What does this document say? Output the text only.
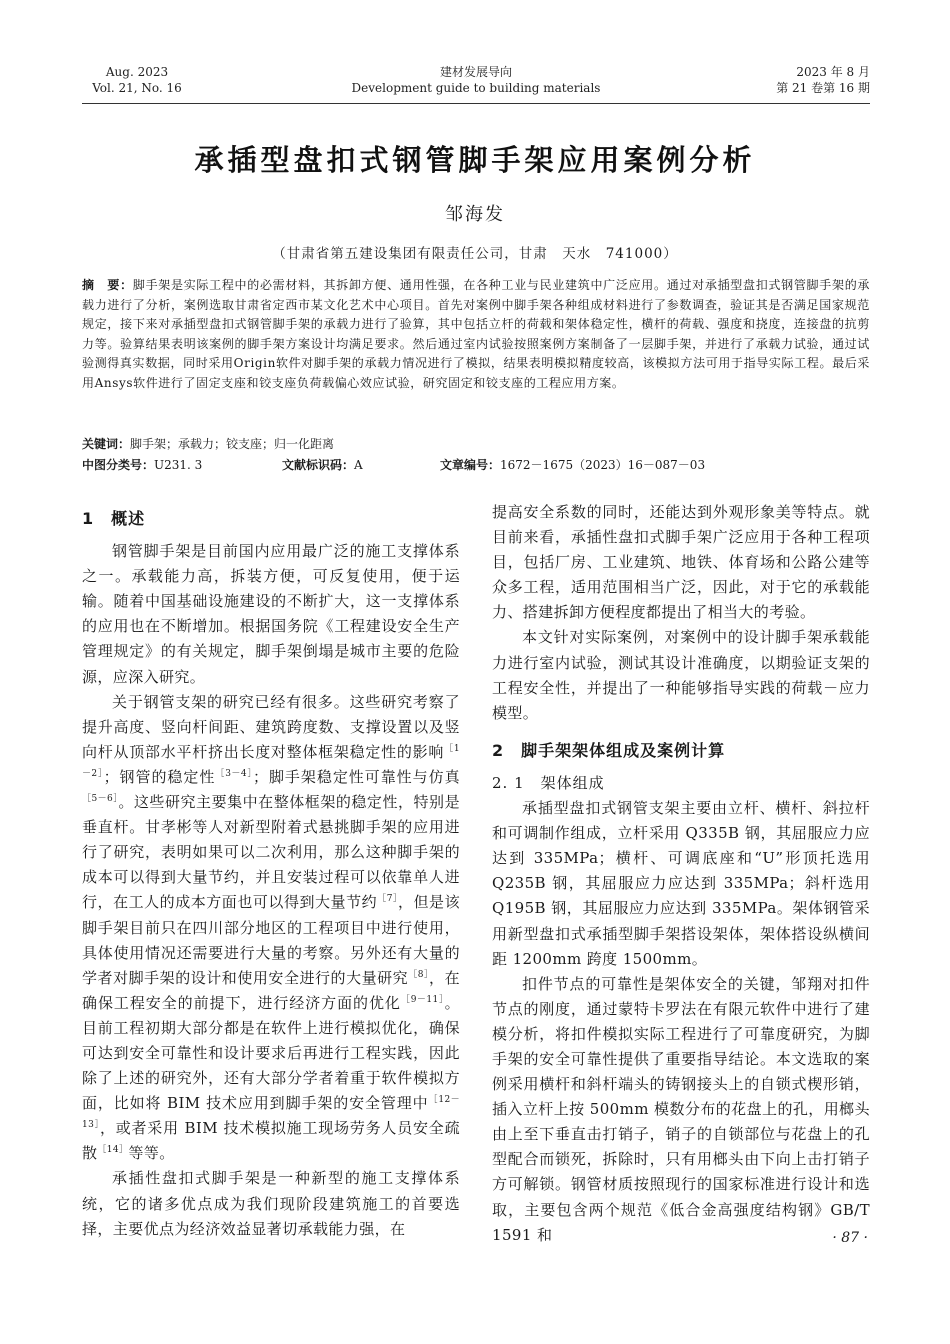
Aug. 2023
Vol. 21, No. 16
建材发展导向
Development guide to building materials
2023 年 8 月
第 21 卷第 16 期
承插型盘扣式钢管脚手架应用案例分析
邹海发
（甘肃省第五建设集团有限责任公司，甘肃　天水　741000）
摘　要：脚手架是实际工程中的必需材料，其拆卸方便、通用性强，在各种工业与民业建筑中广泛应用。通过对承插型盘扣式钢管脚手架的承载力进行了分析，案例选取甘肃省定西市某文化艺术中心项目。首先对案例中脚手架各种组成材料进行了参数调查，验证其是否满足国家规范规定，接下来对承插型盘扣式钢管脚手架的承载力进行了验算，其中包括立杆的荷载和架体稳定性，横杆的荷载、强度和挠度，连接盘的抗剪力等。验算结果表明该案例的脚手架方案设计均满足要求。然后通过室内试验按照案例方案制备了一层脚手架，并进行了承载力试验，通过试验测得真实数据，同时采用Origin软件对脚手架的承载力情况进行了模拟，结果表明模拟精度较高，该模拟方法可用于指导实际工程。最后采用Ansys软件进行了固定支座和铰支座负荷载偏心效应试验，研究固定和铰支座的工程应用方案。
关键词：脚手架；承载力；铰支座；归一化距离
中图分类号：U231. 3	文献标识码：A	文章编号：1672－1675（2023）16－087－03
1　概述

钢管脚手架是目前国内应用最广泛的施工支撑体系之一。承载能力高，拆装方便，可反复使用，便于运输。随着中国基础设施建设的不断扩大，这一支撑体系的应用也在不断增加。根据国务院《工程建设安全生产管理规定》的有关规定，脚手架倒塌是城市主要的危险源，应深入研究。

关于钢管支架的研究已经有很多。这些研究考察了提升高度、竖向杆间距、建筑跨度数、支撑设置以及竖向杆从顶部水平杆挤出长度对整体框架稳定性的影响$^{[1-2]}$；钢管的稳定性$^{[3-4]}$；脚手架稳定性可靠性与仿真$^{[5-6]}$。这些研究主要集中在整体框架的稳定性，特别是垂直杆。甘孝彬等人对新型附着式悬挑脚手架的应用进行了研究，表明如果可以二次利用，那么这种脚手架的成本可以得到大量节约，并且安装过程可以依靠单人进行，在工人的成本方面也可以得到大量节约$^{[7]}$，但是该脚手架目前只在四川部分地区的工程项目中进行使用，具体使用情况还需要进行大量的考察。另外还有大量的学者对脚手架的设计和使用安全进行的大量研究$^{[8]}$，在确保工程安全的前提下，进行经济方面的优化$^{[9-11]}$。目前工程初期大部分都是在软件上进行模拟优化，确保可达到安全可靠性和设计要求后再进行工程实践，因此除了上述的研究外，还有大部分学者着重于软件模拟方面，比如将 BIM 技术应用到脚手架的安全管理中$^{[12-13]}$，或者采用 BIM 技术模拟施工现场劳务人员安全疏散$^{[14]}$等等。

承插性盘扣式脚手架是一种新型的施工支撑体系统，它的诸多优点成为我们现阶段建筑施工的首要选择，主要优点为经济效益显著切承载能力强，在

提高安全系数的同时，还能达到外观形象美等特点。就目前来看，承插性盘扣式脚手架广泛应用于各种工程项目，包括厂房、工业建筑、地铁、体育场和公路公建等众多工程，适用范围相当广泛，因此，对于它的承载能力、搭建拆卸方便程度都提出了相当大的考验。

本文针对实际案例，对案例中的设计脚手架承载能力进行室内试验，测试其设计准确度，以期验证支架的工程安全性，并提出了一种能够指导实践的荷载－应力模型。

2　脚手架架体组成及案例计算
2. 1　架体组成

承插型盘扣式钢管支架主要由立杆、横杆、斜拉杆和可调制作组成，立杆采用 Q335B 钢，其屈服应力应达到 335MPa；横杆、可调底座和“U”形顶托选用 Q235B 钢，其屈服应力应达到 335MPa；斜杆选用 Q195B 钢，其屈服应力应达到 335MPa。架体钢管采用新型盘扣式承插型脚手架搭设架体，架体搭设纵横间距 1200mm 跨度 1500mm。

扣件节点的可靠性是架体安全的关键，邹翔对扣件节点的刚度，通过蒙特卡罗法在有限元软件中进行了建模分析，将扣件模拟实际工程进行了可靠度研究，为脚手架的安全可靠性提供了重要指导结论。本文选取的案例采用横杆和斜杆端头的铸钢接头上的自锁式楔形销，插入立杆上按 500mm 模数分布的花盘上的孔，用榔头由上至下垂直击打销子，销子的自锁部位与花盘上的孔型配合而锁死，拆除时，只有用榔头由下向上击打销子方可解锁。钢管材质按照现行的国家标准进行设计和选取，主要包含两个规范《低合金高强度结构钢》GB/T 1591 和	· 87 ·
